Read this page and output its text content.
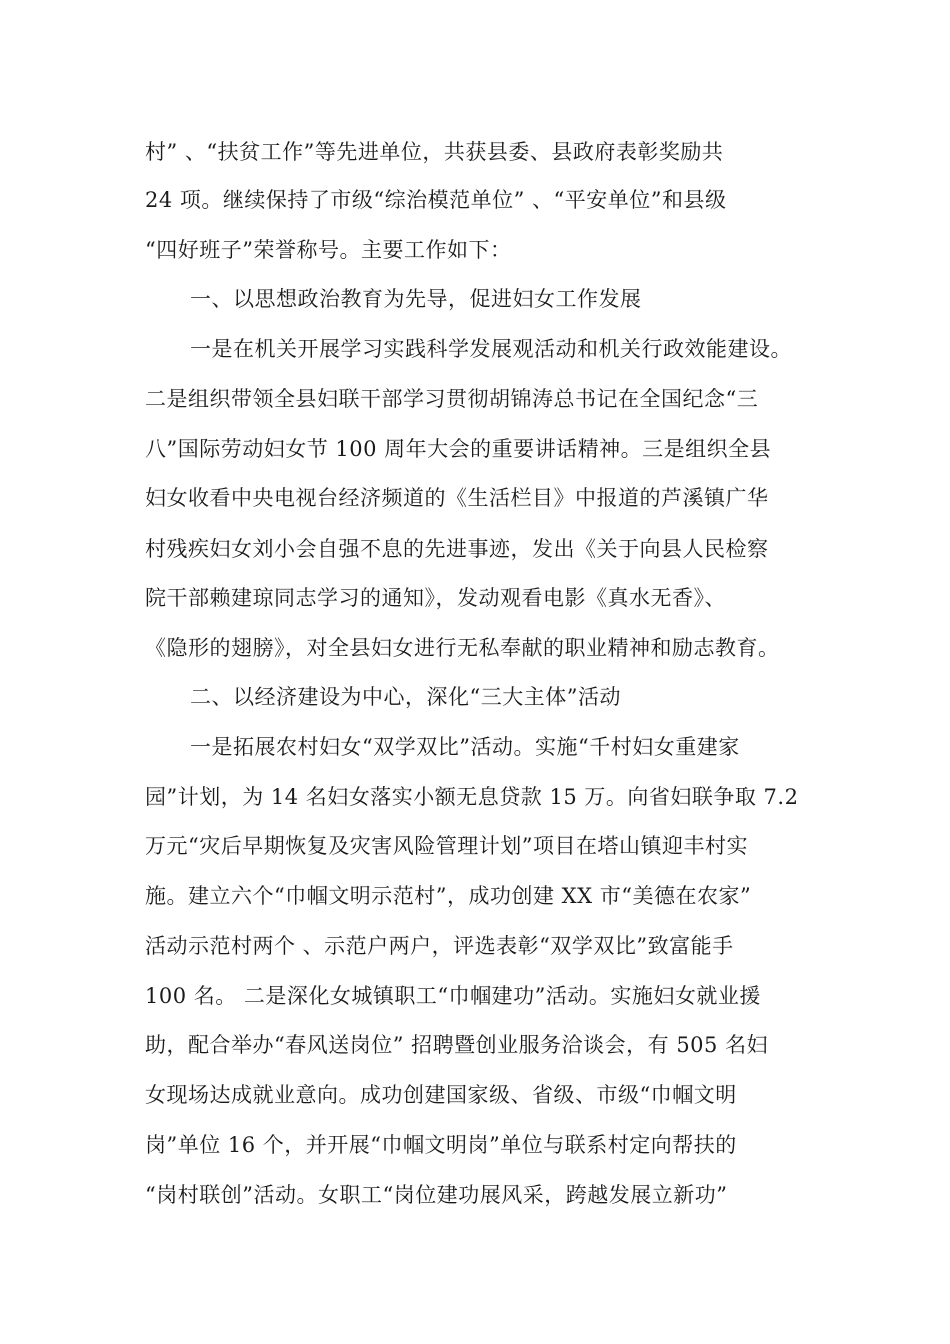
村” 、“扶贫工作”等先进单位，共获县委、县政府表彰奖励共
24 项。继续保持了市级“综治模范单位” 、“平安单位”和县级
“四好班子”荣誉称号。主要工作如下：
一、以思想政治教育为先导，促进妇女工作发展
一是在机关开展学习实践科学发展观活动和机关行政效能建设。
二是组织带领全县妇联干部学习贯彻胡锦涛总书记在全国纪念“三
八”国际劳动妇女节 100 周年大会的重要讲话精神。三是组织全县
妇女收看中央电视台经济频道的《生活栏目》中报道的芦溪镇广华
村残疾妇女刘小会自强不息的先进事迹，发出《关于向县人民检察
院干部赖建琼同志学习的通知》，发动观看电影《真水无香》、
《隐形的翅膀》，对全县妇女进行无私奉献的职业精神和励志教育。
二、以经济建设为中心，深化“三大主体”活动
一是拓展农村妇女“双学双比”活动。实施“千村妇女重建家
园”计划，为 14 名妇女落实小额无息贷款 15 万。向省妇联争取 7.2
万元“灾后早期恢复及灾害风险管理计划”项目在塔山镇迎丰村实
施。建立六个“巾帼文明示范村”，成功创建 XX 市“美德在农家”
活动示范村两个 、示范户两户，评选表彰“双学双比”致富能手
100 名。 二是深化女城镇职工“巾帼建功”活动。实施妇女就业援
助，配合举办“春风送岗位” 招聘暨创业服务洽谈会，有 505 名妇
女现场达成就业意向。成功创建国家级、省级、市级“巾帼文明
岗”单位 16 个，并开展“巾帼文明岗”单位与联系村定向帮扶的
“岗村联创”活动。女职工“岗位建功展风采，跨越发展立新功”
